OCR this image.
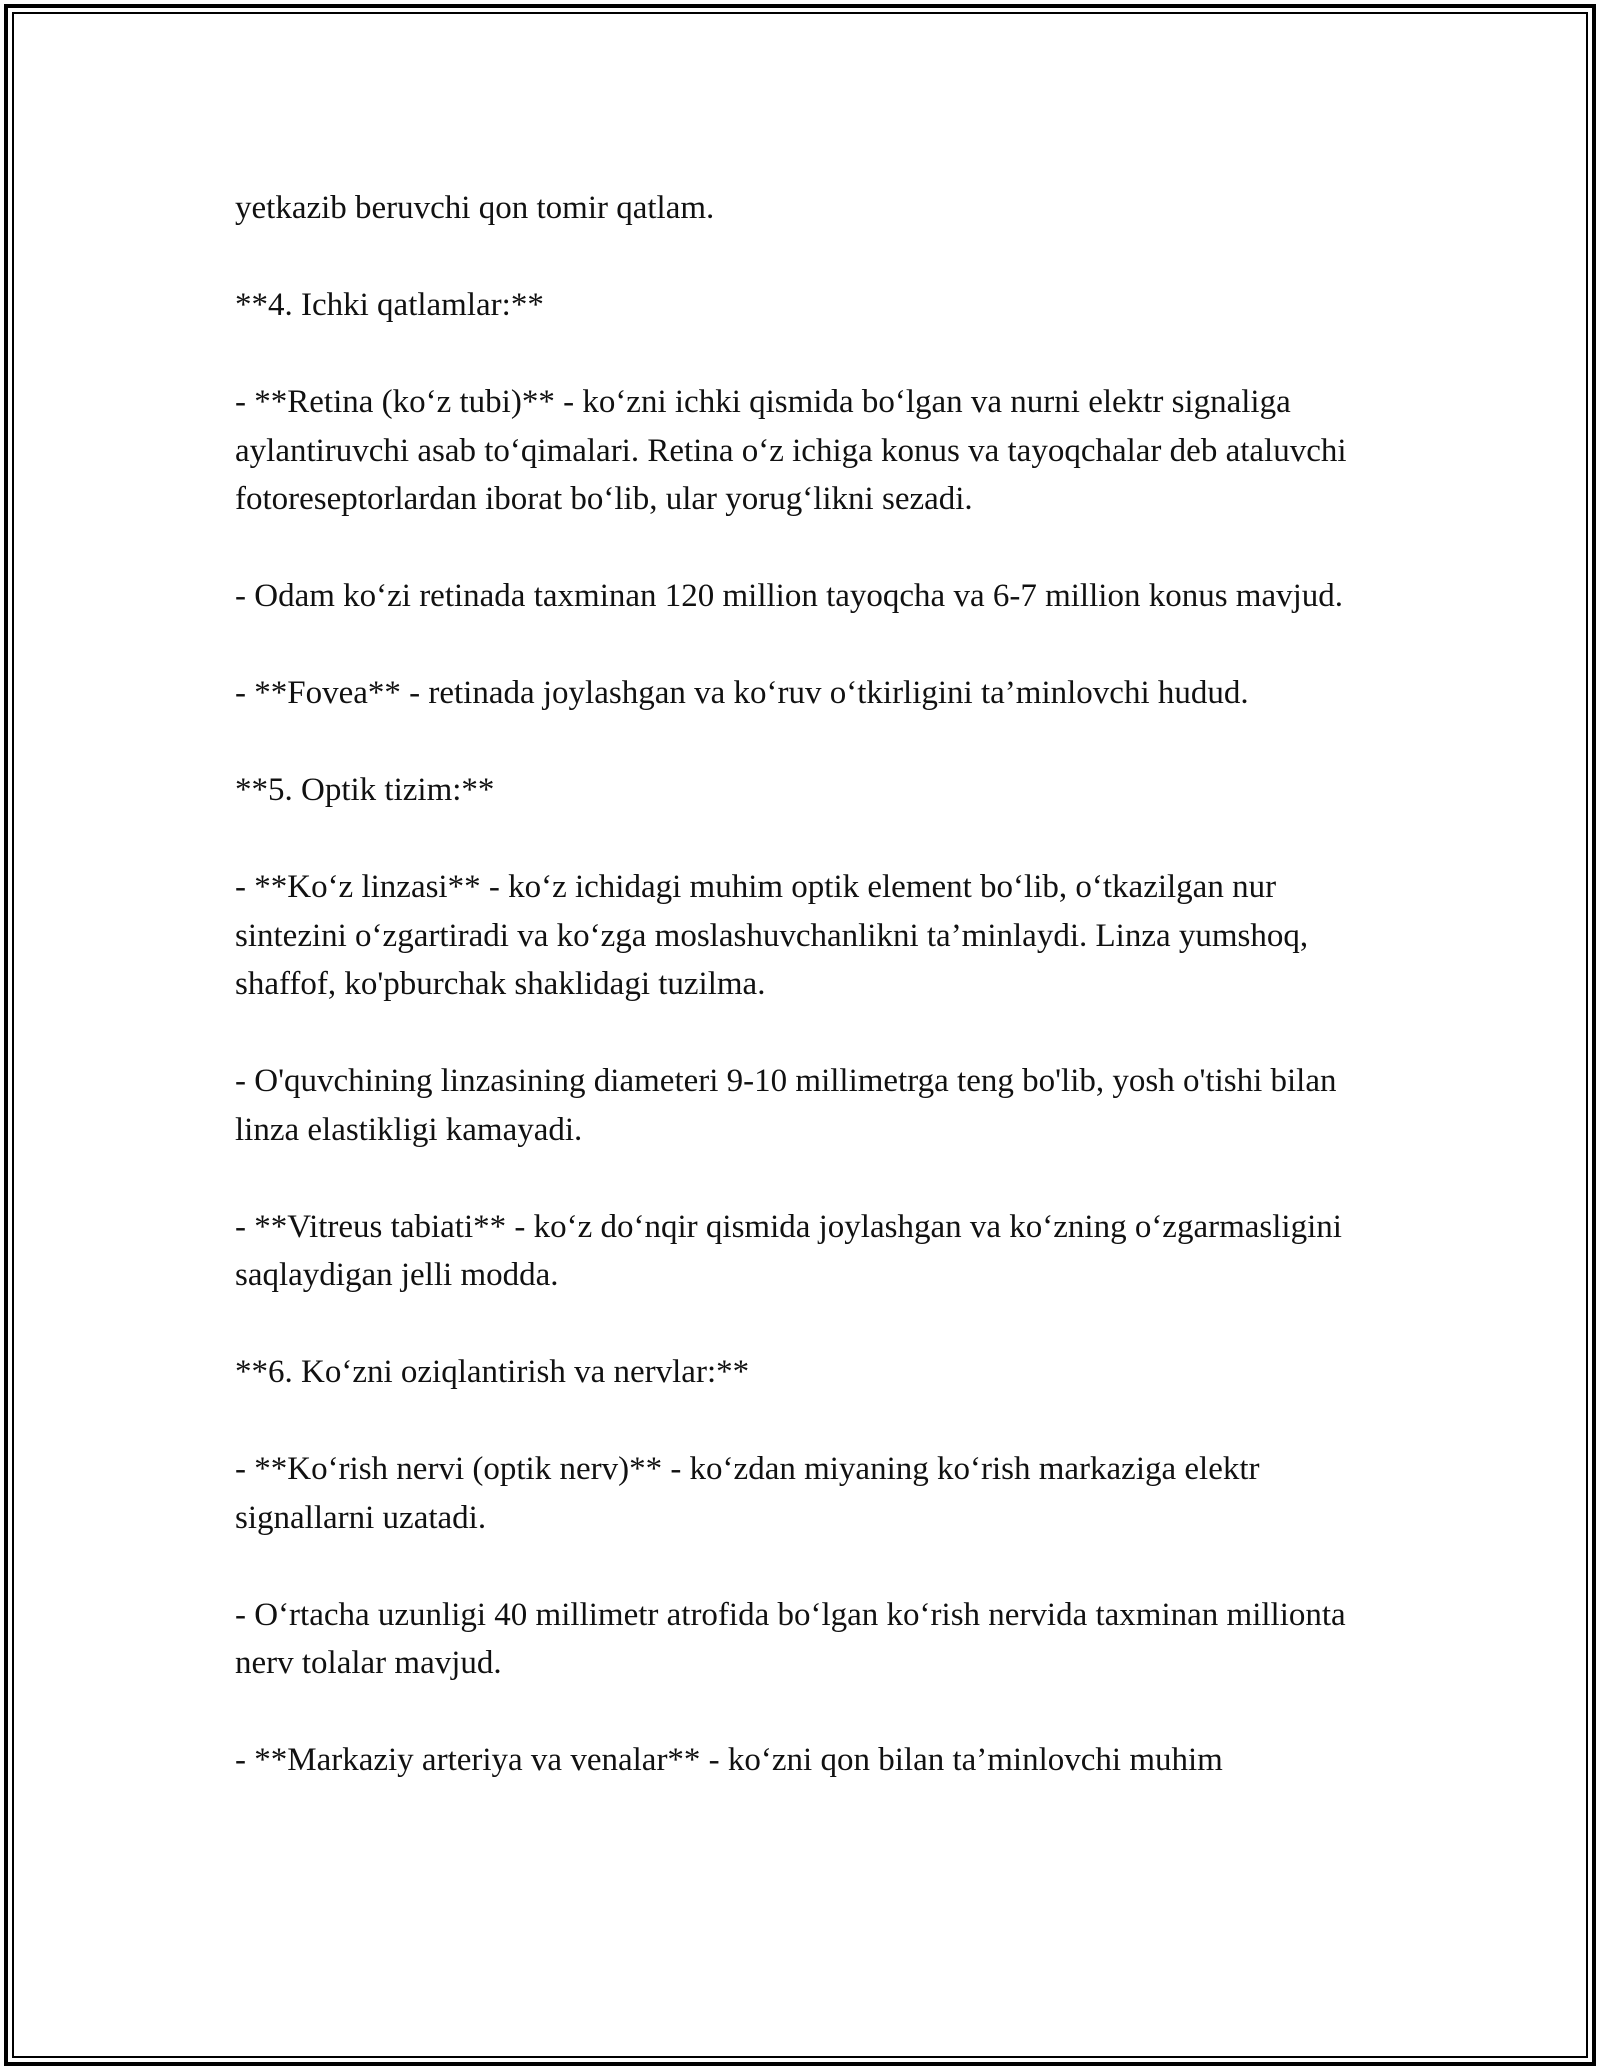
yetkazib beruvchi qon tomir qatlam.

**4. Ichki qatlamlar:**

- **Retina (ko‘z tubi)** - ko‘zni ichki qismida bo‘lgan va nurni elektr signaliga aylantiruvchi asab to‘qimalari. Retina o‘z ichiga konus va tayoqchalar deb ataluvchi fotoreseptorlardan iborat bo‘lib, ular yorug‘likni sezadi.

- Odam ko‘zi retinada taxminan 120 million tayoqcha va 6-7 million konus mavjud.

- **Fovea** - retinada joylashgan va ko‘ruv o‘tkirligini ta’minlovchi hudud.

**5. Optik tizim:**

- **Ko‘z linzasi** - ko‘z ichidagi muhim optik element bo‘lib, o‘tkazilgan nur sintezini o‘zgartiradi va ko‘zga moslashuvchanlikni ta’minlaydi. Linza yumshoq, shaffof, ko'pburchak shaklidagi tuzilma.

- O'quvchining linzasining diameteri 9-10 millimetrga teng bo'lib, yosh o'tishi bilan linza elastikligi kamayadi.

- **Vitreus tabiati** - ko‘z do‘nqir qismida joylashgan va ko‘zning o‘zgarmasligini saqlaydigan jelli modda.

**6. Ko‘zni oziqlantirish va nervlar:**

- **Ko‘rish nervi (optik nerv)** - ko‘zdan miyaning ko‘rish markaziga elektr signallarni uzatadi.

- O‘rtacha uzunligi 40 millimetr atrofida bo‘lgan ko‘rish nervida taxminan millionta nerv tolalar mavjud.

- **Markaziy arteriya va venalar** - ko‘zni qon bilan ta’minlovchi muhim
